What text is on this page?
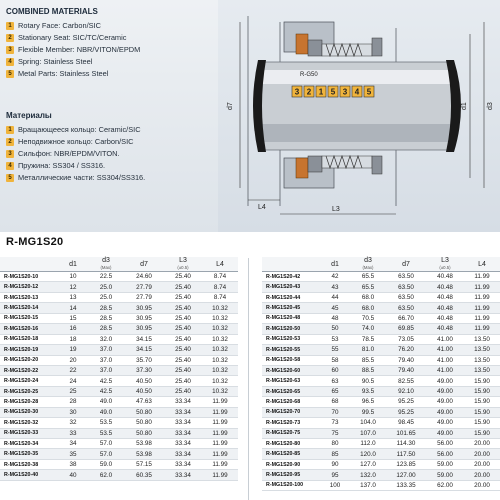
COMBINED MATERIALS
1 Rotary Face: Carbon/SIC
2 Stationary Seat: SIC/TC/Ceramic
3 Flexible Member: NBR/VITON/EPDM
4 Spring: Stainless Steel
5 Metal Parts: Stainless Steel
Материалы
1 Вращающееся кольцо: Ceramic/SIC
2 Неподвижное кольцо: Carbon/SIC
3 Сильфон: NBR/EPDM/VITON.
4 Пружина: SS304 / SS316.
5 Металлические части: SS304/SS316.
R-G50
3 2 1 5 3 4 5
d7	d1	d3
L4	L3
R-MG1S20
	d1	d3
(Max)	d7	L3
(±0.5)	L4
R-MG1S20-10	10	22.5	24.60	25.40	8.74
R-MG1S20-12	12	25.0	27.79	25.40	8.74
R-MG1S20-13	13	25.0	27.79	25.40	8.74
R-MG1S20-14	14	28.5	30.95	25.40	10.32
R-MG1S20-15	15	28.5	30.95	25.40	10.32
R-MG1S20-16	16	28.5	30.95	25.40	10.32
R-MG1S20-18	18	32.0	34.15	25.40	10.32
R-MG1S20-19	19	37.0	34.15	25.40	10.32
R-MG1S20-20	20	37.0	35.70	25.40	10.32
R-MG1S20-22	22	37.0	37.30	25.40	10.32
R-MG1S20-24	24	42.5	40.50	25.40	10.32
R-MG1S20-25	25	42.5	40.50	25.40	10.32
R-MG1S20-28	28	49.0	47.63	33.34	11.99
R-MG1S20-30	30	49.0	50.80	33.34	11.99
R-MG1S20-32	32	53.5	50.80	33.34	11.99
R-MG1S20-33	33	53.5	50.80	33.34	11.99
R-MG1S20-34	34	57.0	53.98	33.34	11.99
R-MG1S20-35	35	57.0	53.98	33.34	11.99
R-MG1S20-38	38	59.0	57.15	33.34	11.99
R-MG1S20-40	40	62.0	60.35	33.34	11.99
	d1	d3
(Max)	d7	L3
(±0.5)	L4
R-MG1S20-42	42	65.5	63.50	40.48	11.99
R-MG1S20-43	43	65.5	63.50	40.48	11.99
R-MG1S20-44	44	68.0	63.50	40.48	11.99
R-MG1S20-45	45	68.0	63.50	40.48	11.99
R-MG1S20-48	48	70.5	66.70	40.48	11.99
R-MG1S20-50	50	74.0	69.85	40.48	11.99
R-MG1S20-53	53	78.5	73.05	41.00	13.50
R-MG1S20-55	55	81.0	76.20	41.00	13.50
R-MG1S20-58	58	85.5	79.40	41.00	13.50
R-MG1S20-60	60	88.5	79.40	41.00	13.50
R-MG1S20-63	63	90.5	82.55	49.00	15.90
R-MG1S20-65	65	93.5	92.10	49.00	15.90
R-MG1S20-68	68	96.5	95.25	49.00	15.90
R-MG1S20-70	70	99.5	95.25	49.00	15.90
R-MG1S20-73	73	104.0	98.45	49.00	15.90
R-MG1S20-75	75	107.0	101.65	49.00	15.90
R-MG1S20-80	80	112.0	114.30	56.00	20.00
R-MG1S20-85	85	120.0	117.50	56.00	20.00
R-MG1S20-90	90	127.0	123.85	59.00	20.00
R-MG1S20-95	95	132.0	127.00	59.00	20.00
R-MG1S20-100	100	137.0	133.35	62.00	20.00
